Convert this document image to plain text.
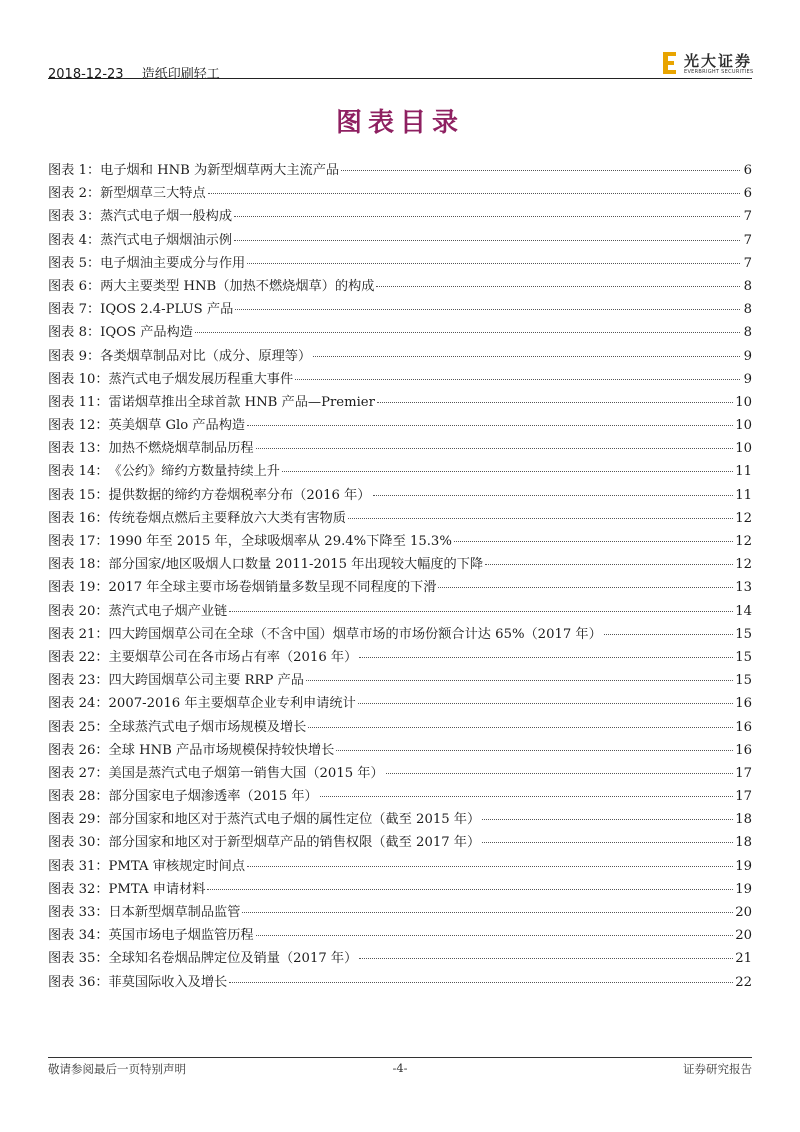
2018-12-23 造纸印刷轻工
光大证券
EVERBRIGHT SECURITIES
图表目录
图表 1 ： 电子烟和 HNB 为新型烟草两大主流产品	6
图表 2 ： 新型烟草三大特点	6
图表 3 ： 蒸汽式电子烟一般构成	7
图表 4 ： 蒸汽式电子烟烟油示例	7
图表 5 ： 电子烟油主要成分与作用	7
图表 6 ： 两大主要类型 HNB（加热不燃烧烟草）的构成	8
图表 7 ： IQOS 2.4-PLUS 产品	8
图表 8 ： IQOS 产品构造	8
图表 9 ： 各类烟草制品对比（成分、原理等）	9
图表 10 ： 蒸汽式电子烟发展历程重大事件	9
图表 11 ： 雷诺烟草推出全球首款 HNB 产品—Premier	10
图表 12 ： 英美烟草 Glo 产品构造	10
图表 13 ： 加热不燃烧烟草制品历程	10
图表 14 ： 《公约》缔约方数量持续上升	11
图表 15 ： 提供数据的缔约方卷烟税率分布（2016 年）	11
图表 16 ： 传统卷烟点燃后主要释放六大类有害物质	12
图表 17 ： 1990 年至 2015 年，全球吸烟率从 29.4%下降至 15.3%	12
图表 18 ： 部分国家/地区吸烟人口数量 2011-2015 年出现较大幅度的下降	12
图表 19 ： 2017 年全球主要市场卷烟销量多数呈现不同程度的下滑	13
图表 20 ： 蒸汽式电子烟产业链	14
图表 21 ： 四大跨国烟草公司在全球（不含中国）烟草市场的市场份额合计达 65%（2017 年）	15
图表 22 ： 主要烟草公司在各市场占有率（2016 年）	15
图表 23 ： 四大跨国烟草公司主要 RRP 产品	15
图表 24 ： 2007-2016 年主要烟草企业专利申请统计	16
图表 25 ： 全球蒸汽式电子烟市场规模及增长	16
图表 26 ： 全球 HNB 产品市场规模保持较快增长	16
图表 27 ： 美国是蒸汽式电子烟第一销售大国（2015 年）	17
图表 28 ： 部分国家电子烟渗透率（2015 年）	17
图表 29 ： 部分国家和地区对于蒸汽式电子烟的属性定位（截至 2015 年）	18
图表 30 ： 部分国家和地区对于新型烟草产品的销售权限（截至 2017 年）	18
图表 31 ： PMTA 审核规定时间点	19
图表 32 ： PMTA 申请材料	19
图表 33 ： 日本新型烟草制品监管	20
图表 34 ： 英国市场电子烟监管历程	20
图表 35 ： 全球知名卷烟品牌定位及销量（2017 年）	21
图表 36 ： 菲莫国际收入及增长	22
敬请参阅最后一页特别声明	-4-	证券研究报告
